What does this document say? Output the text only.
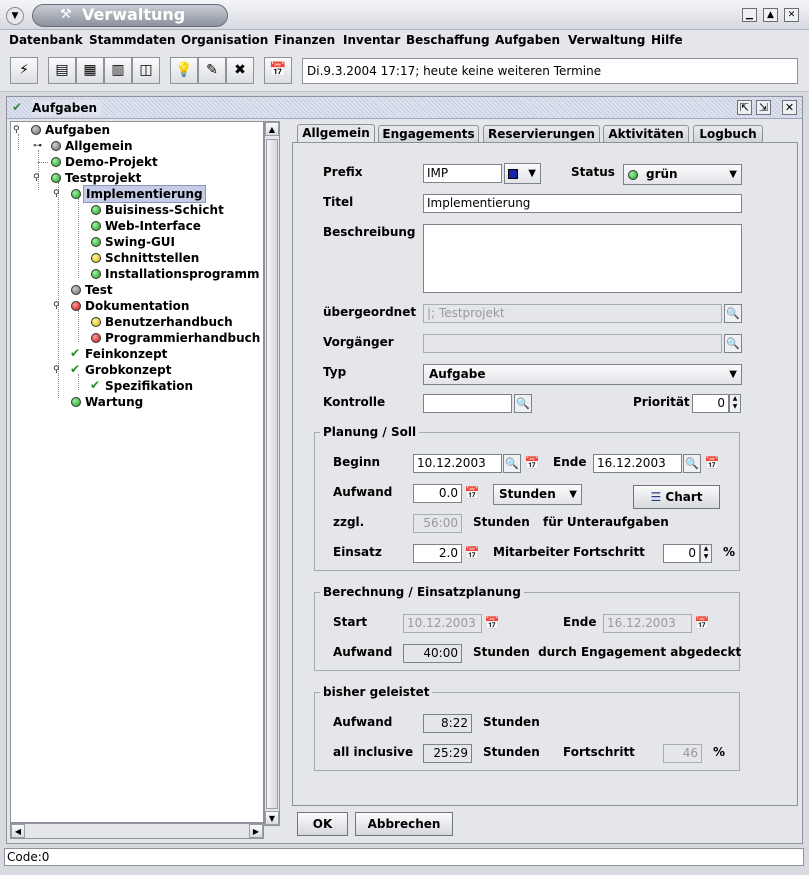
▼	⚒ Verwaltung	▁	▲	✕
Datenbank Stammdaten Organisation Finanzen Inventar Beschaffung Aufgaben Verwaltung Hilfe
⚡	▤	▦	▥	◫	💡 ✎	✖	📅	Di.9.3.2004 17:17; heute keine weiteren Termine
✔ Aufgaben	⇱ ⇲ ✕
⚲ Aufgaben
⊶ Allgemein
Demo-Projekt
⚲ Testprojekt
⚲ Implementierung
Buisiness-Schicht
Web-Interface
Swing-GUI
Schnittstellen
Installationsprogramm
Test
⚲ Dokumentation
Benutzerhandbuch
Programmierhandbuch
✔ Feinkonzept
⚲ ✔ Grobkonzept
✔ Spezifikation
Wartung
▲
▼
◀	▶
Allgemein	Engagements	Reservierungen	Aktivitäten	Logbuch
Prefix	IMP	▼	Status	grün	▼
Titel	Implementierung
Beschreibung
übergeordnet |; Testprojekt	🔍
Vorgänger	🔍
Typ	Aufgabe	▼
Kontrolle	🔍	Priorität	0	▲
▼
Planung / Soll
Beginn	10.12.2003	🔍 📅 Ende 16.12.2003	🔍 📅
Aufwand	0.0 📅	Stunden ▼	☰ Chart
zzgl.	56:00	Stunden für Unteraufgaben
Einsatz	2.0 📅 Mitarbeiter Fortschritt	0	▲
▼	%
Berechnung / Einsatzplanung
Start	10.12.2003 📅	Ende 16.12.2003	📅
Aufwand	40:00	Stunden  durch Engagement abgedeckt
bisher geleistet
Aufwand	8:22	Stunden
all inclusive	25:29	Stunden Fortschritt	46	%
OK	Abbrechen
Code:0
